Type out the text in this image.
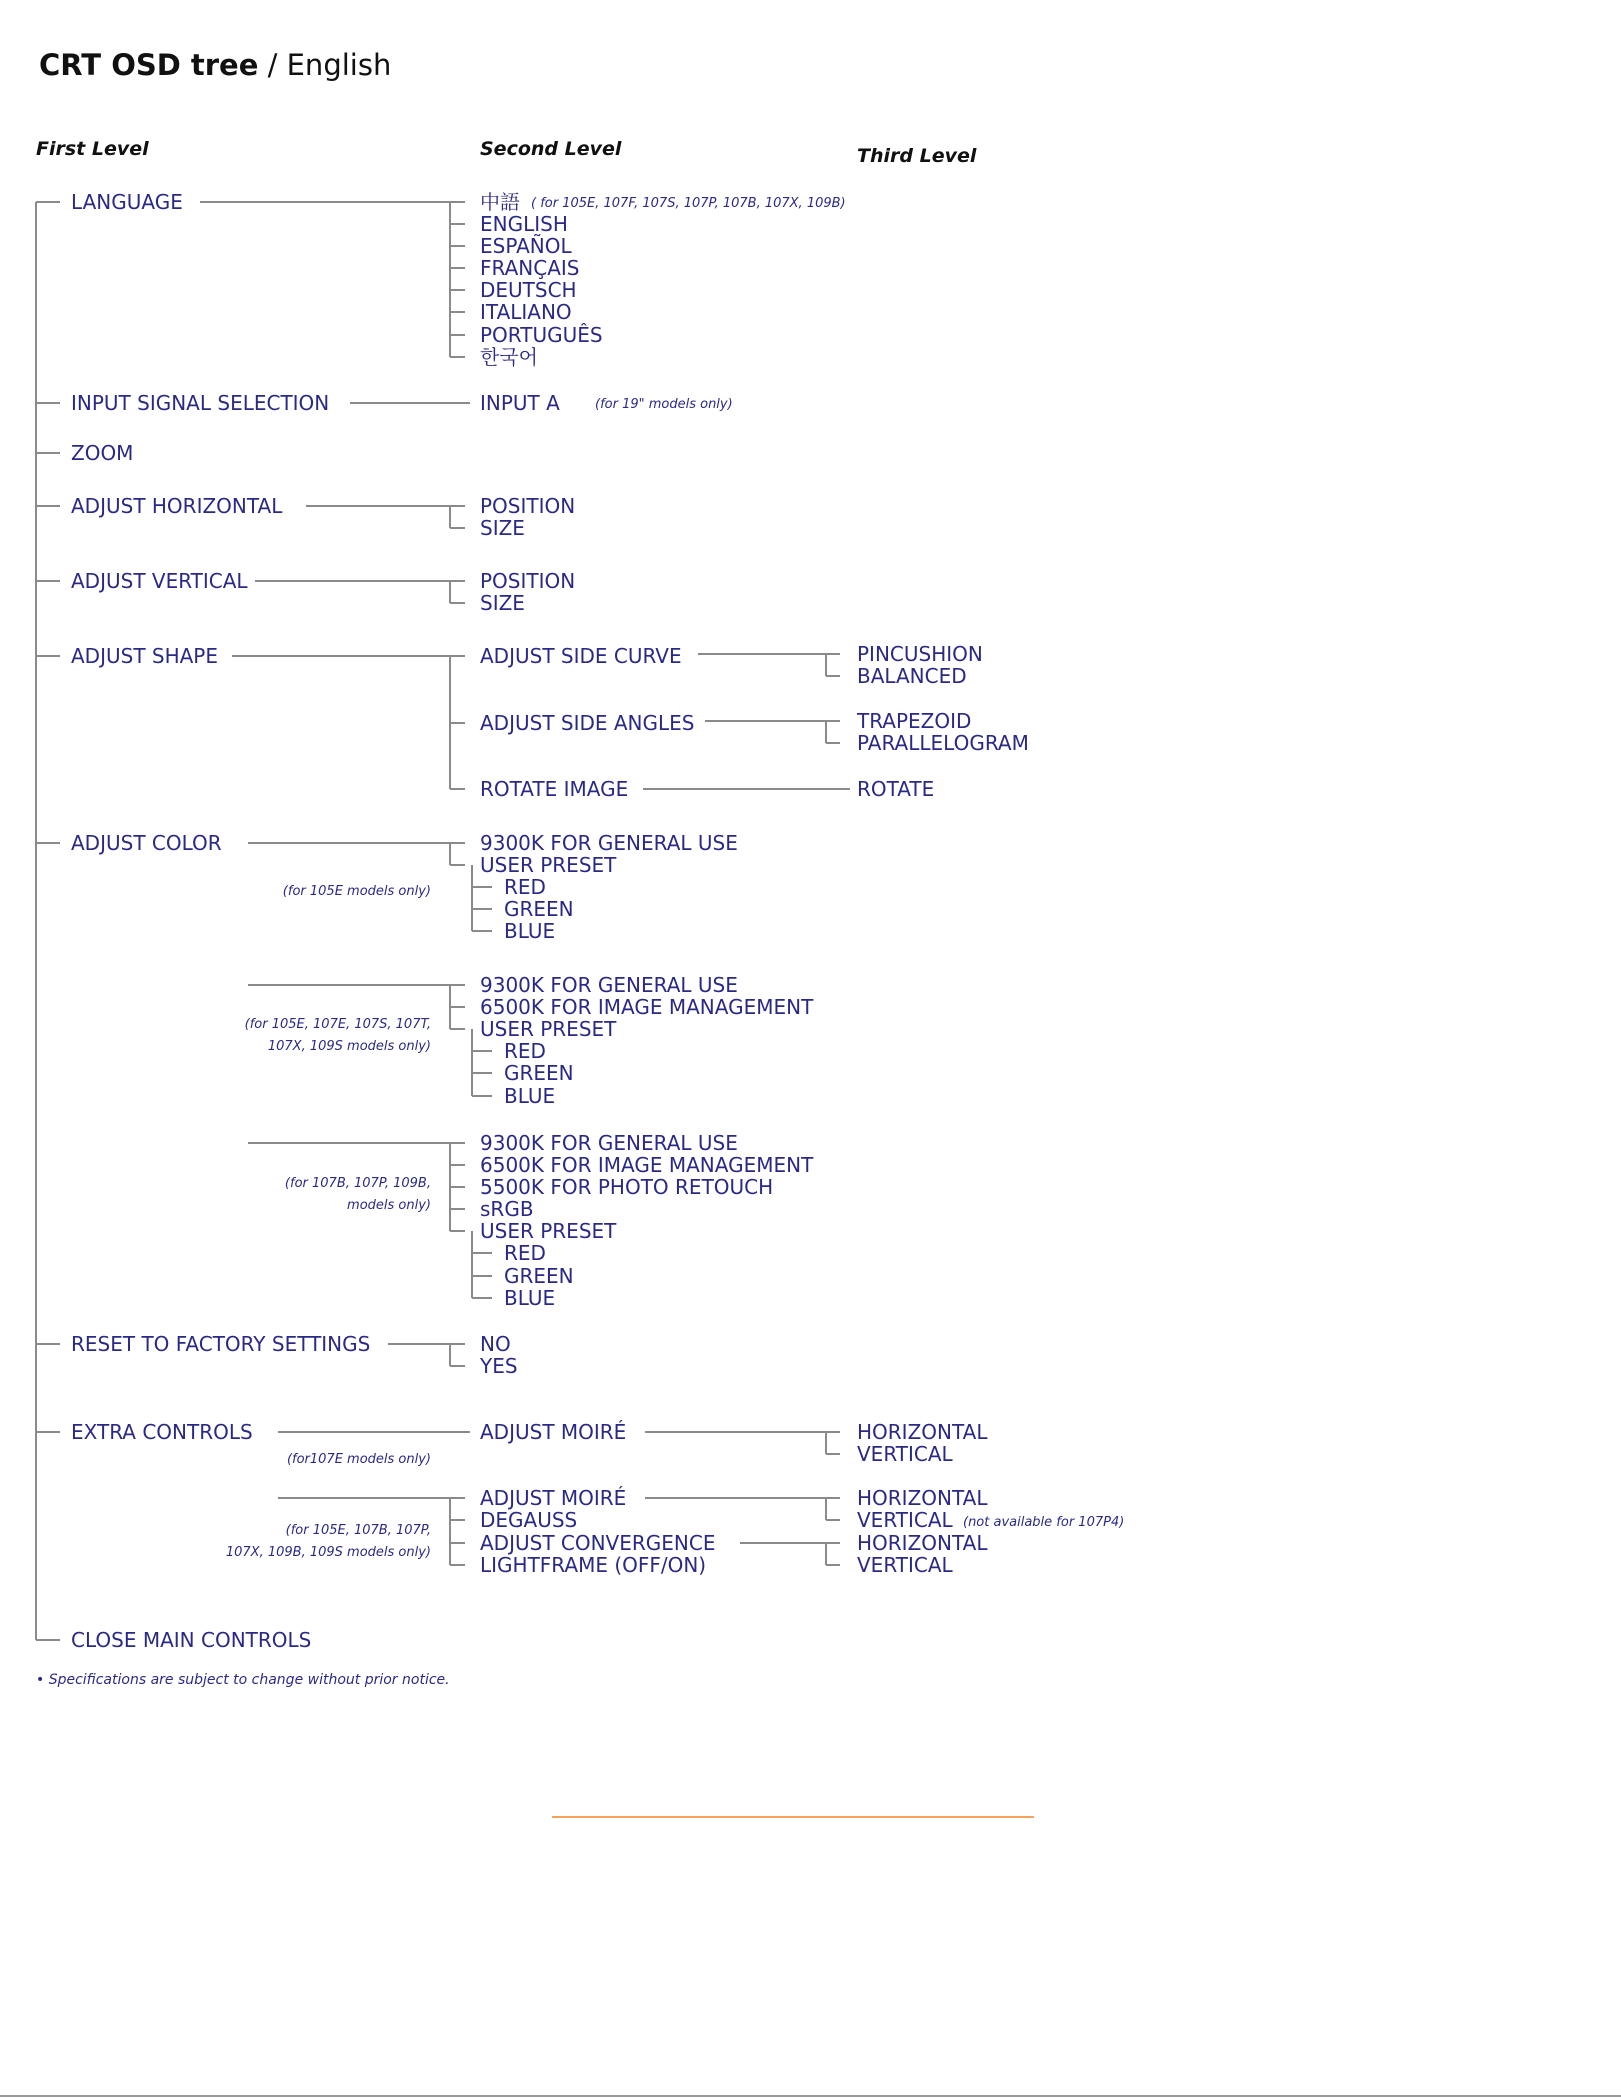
CRT OSD tree / English
First Level	Second Level	Third Level
LANGUAGE
INPUT SIGNAL SELECTION
ZOOM
ADJUST HORIZONTAL
ADJUST VERTICAL
ADJUST SHAPE
ADJUST COLOR
RESET TO FACTORY SETTINGS
EXTRA CONTROLS
CLOSE MAIN CONTROLS
中語 ( for 105E, 107F, 107S, 107P, 107B, 107X, 109B)
ENGLISH
ESPAÑOL
FRANÇAIS
DEUTSCH
ITALIANO
PORTUGUÊS
한국어
INPUT A	(for 19" models only)
POSITION
SIZE
POSITION
SIZE
ADJUST SIDE CURVE
ADJUST SIDE ANGLES
ROTATE IMAGE
PINCUSHION
BALANCED
TRAPEZOID
PARALLELOGRAM
ROTATE
(for 105E models only)
9300K FOR GENERAL USE
USER PRESET
RED
GREEN
BLUE
(for 105E, 107E, 107S, 107T,
107X, 109S models only)
9300K FOR GENERAL USE
6500K FOR IMAGE MANAGEMENT
USER PRESET
RED
GREEN
BLUE
(for 107B, 107P, 109B,
models only)
9300K FOR GENERAL USE
6500K FOR IMAGE MANAGEMENT
5500K FOR PHOTO RETOUCH
sRGB
USER PRESET
RED
GREEN
BLUE
NO
YES
(for107E models only)
ADJUST MOIRÉ	HORIZONTAL
VERTICAL
(for 105E, 107B, 107P,
107X, 109B, 109S models only)
ADJUST MOIRÉ
DEGAUSS
ADJUST CONVERGENCE
LIGHTFRAME (OFF/ON)
HORIZONTAL
VERTICAL (not available for 107P4)
HORIZONTAL
VERTICAL
• Specifications are subject to change without prior notice.
